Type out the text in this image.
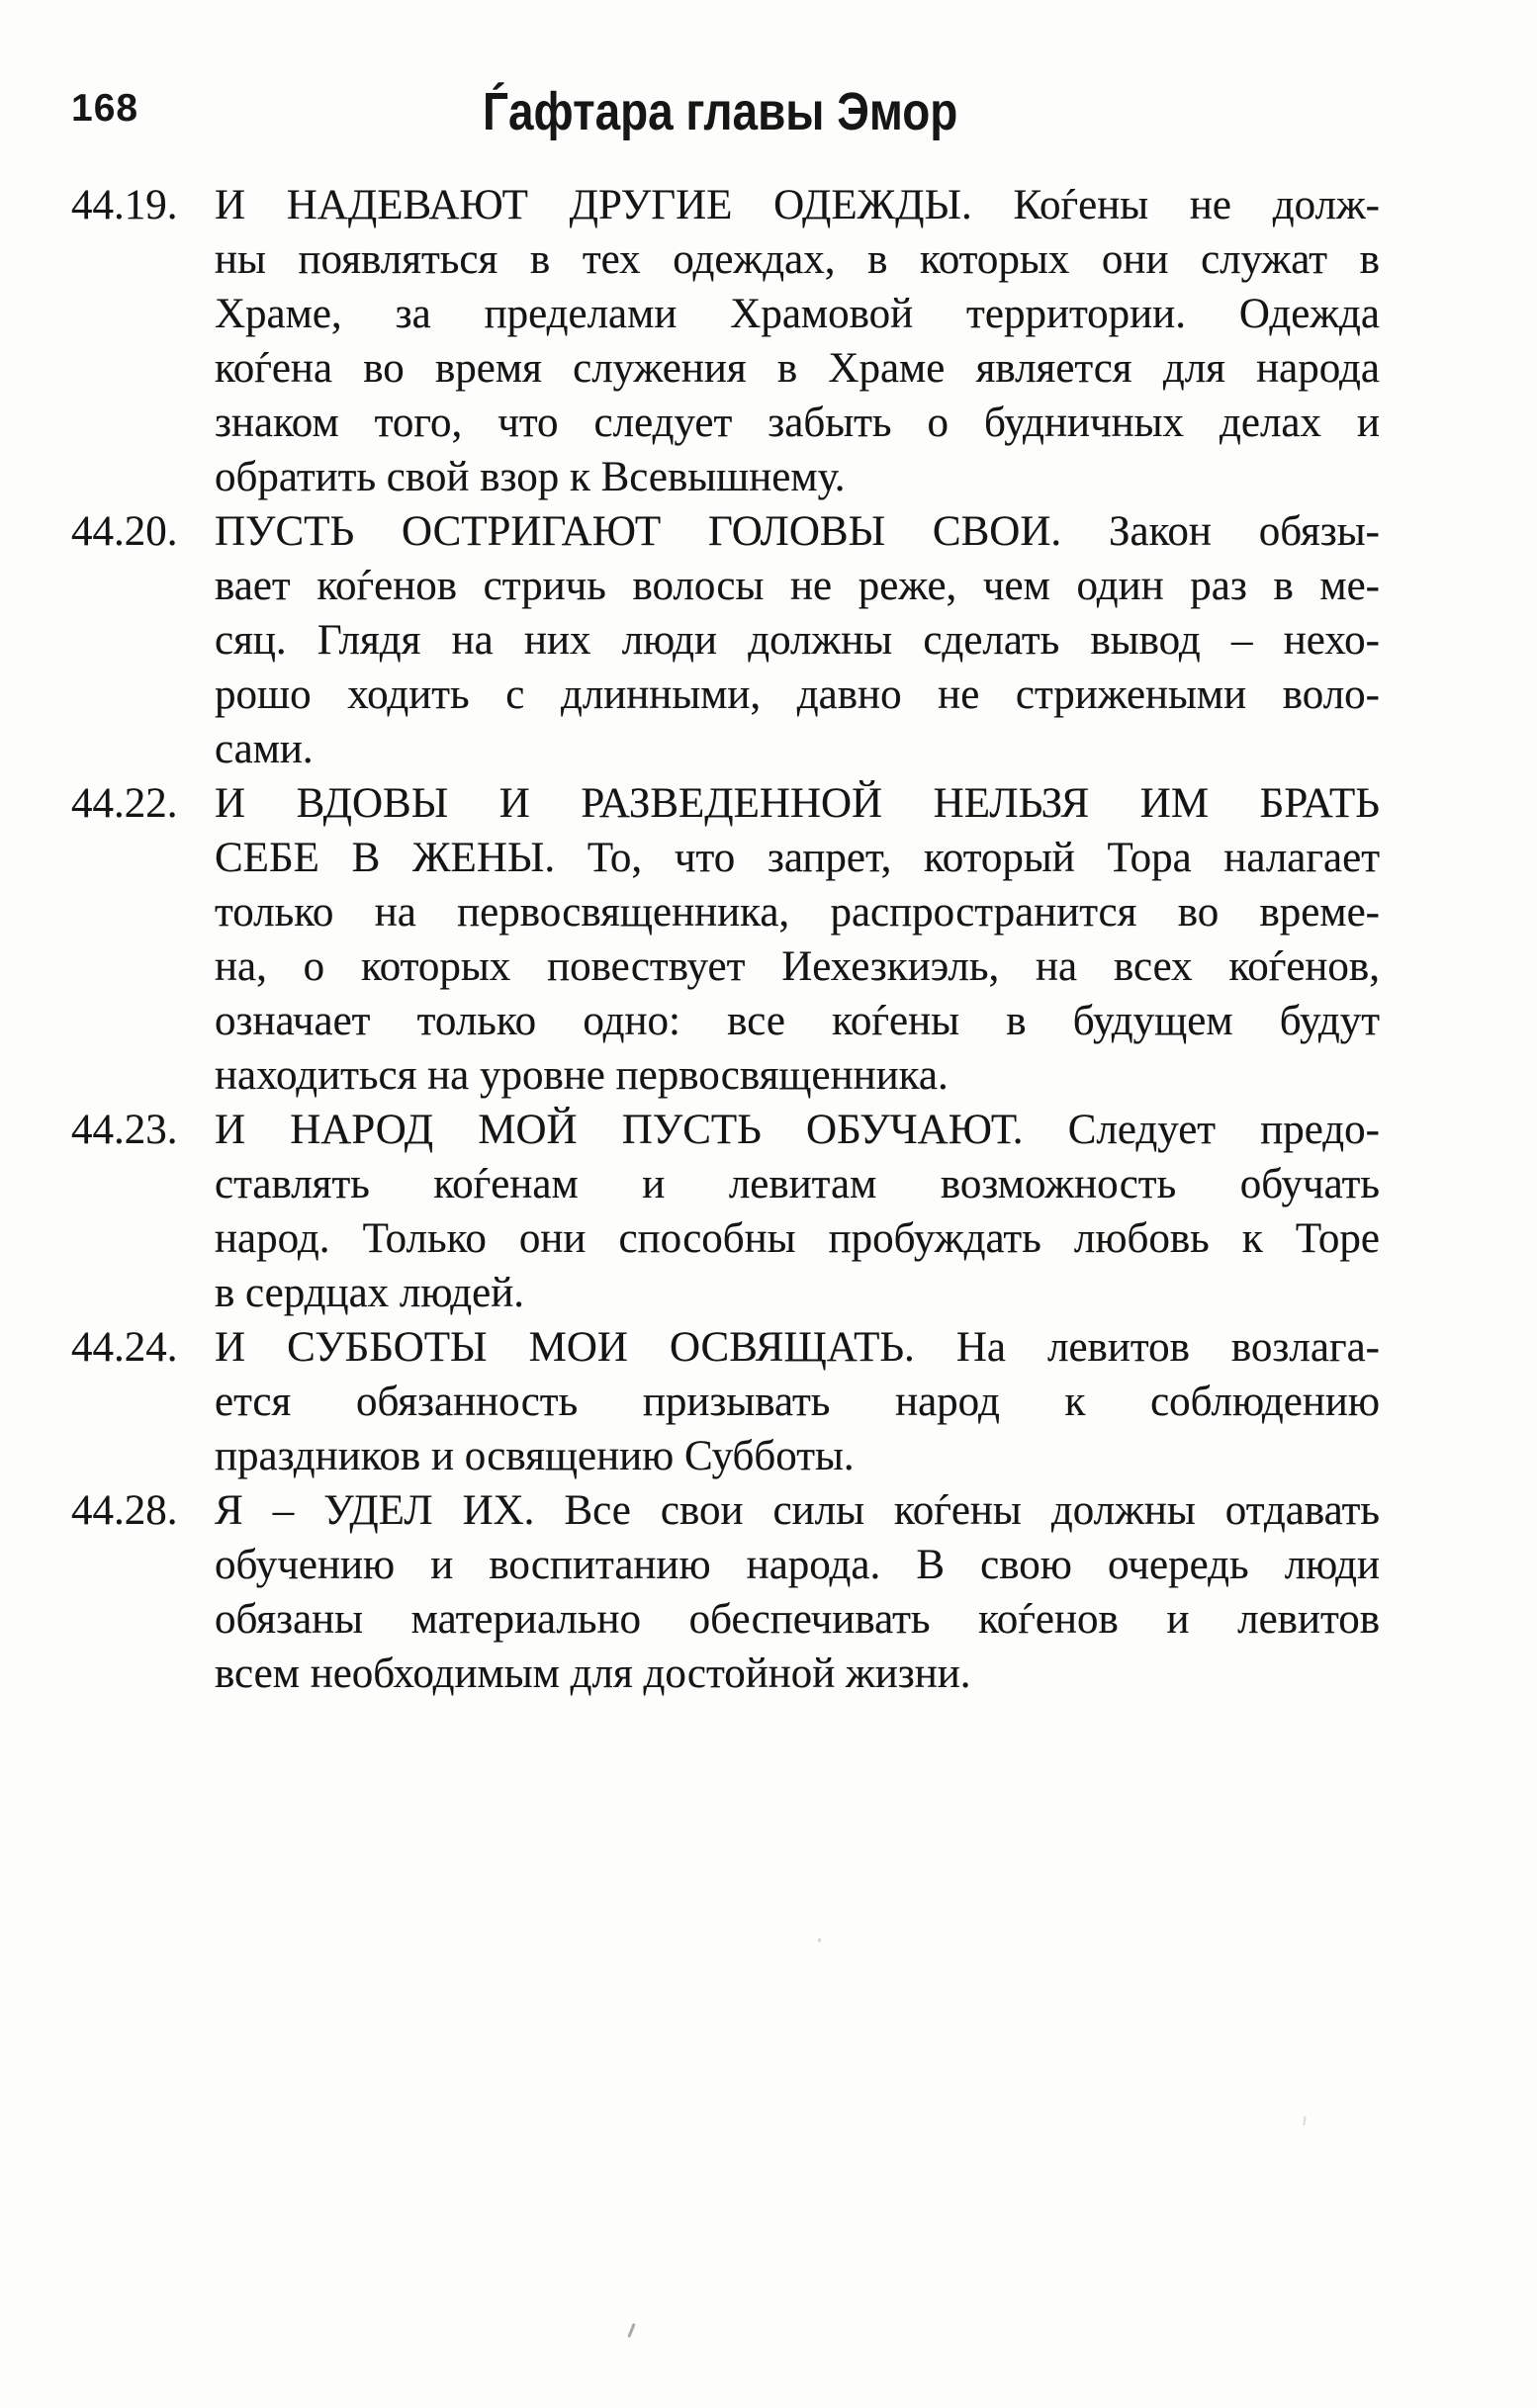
168	Ѓафтара главы Эмор
44.19. И НАДЕВАЮТ ДРУГИЕ ОДЕЖДЫ. Коѓены не долж-
ны появляться в тех одеждах, в которых они служат в
Храме, за пределами Храмовой территории. Одежда
коѓена во время служения в Храме является для народа
знаком того, что следует забыть о будничных делах и
обратить свой взор к Всевышнему.
44.20. ПУСТЬ ОСТРИГАЮТ ГОЛОВЫ СВОИ. Закон обязы-
вает коѓенов стричь волосы не реже, чем один раз в ме-
сяц. Глядя на них люди должны сделать вывод – нехо-
рошо ходить с длинными, давно не стрижеными воло-
сами.
44.22. И ВДОВЫ И РАЗВЕДЕННОЙ НЕЛЬЗЯ ИМ БРАТЬ
СЕБЕ В ЖЕНЫ. То, что запрет, который Тора налагает
только на первосвященника, распространится во време-
на, о которых повествует Иехезкиэль, на всех коѓенов,
означает только одно: все коѓены в будущем будут
находиться на уровне первосвященника.
44.23. И НАРОД МОЙ ПУСТЬ ОБУЧАЮТ. Следует предо-
ставлять коѓенам и левитам возможность обучать
народ. Только они способны пробуждать любовь к Торе
в сердцах людей.
44.24. И СУББОТЫ МОИ ОСВЯЩАТЬ. На левитов возлага-
ется обязанность призывать народ к соблюдению
праздников и освящению Субботы.
44.28. Я – УДЕЛ ИХ. Все свои силы коѓены должны отдавать
обучению и воспитанию народа. В свою очередь люди
обязаны материально обеспечивать коѓенов и левитов
всем необходимым для достойной жизни.
